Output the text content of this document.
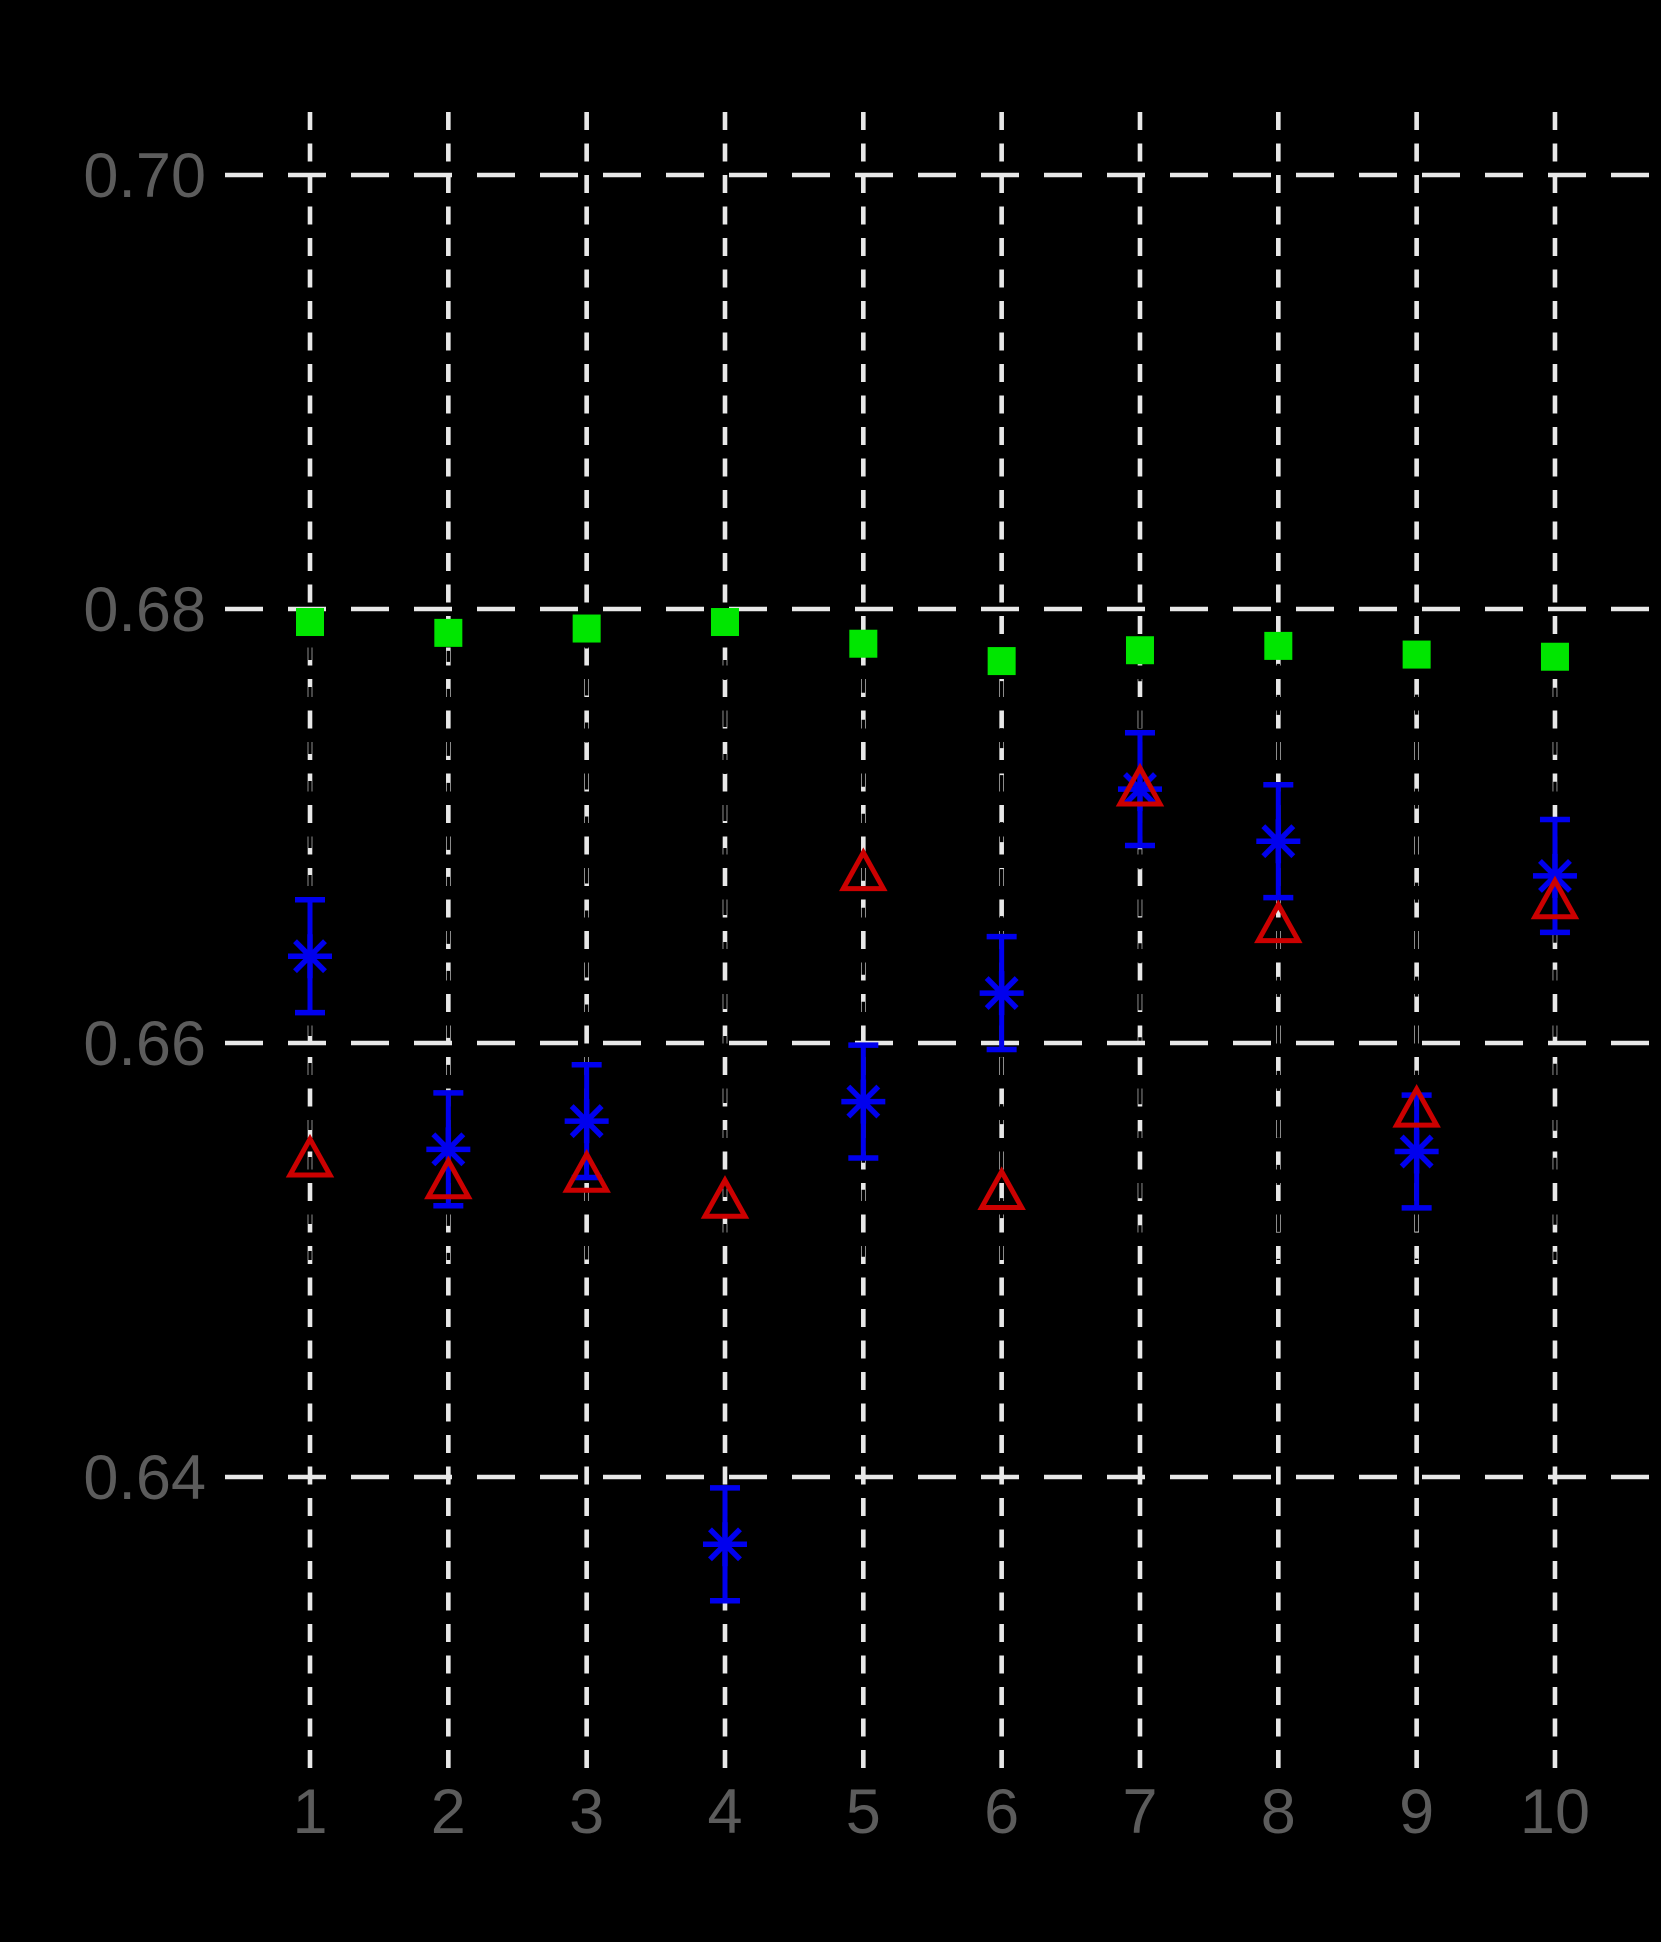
0.70
0.68
0.66
0.64
1 2 3 4 5 6 7 8 9 10
